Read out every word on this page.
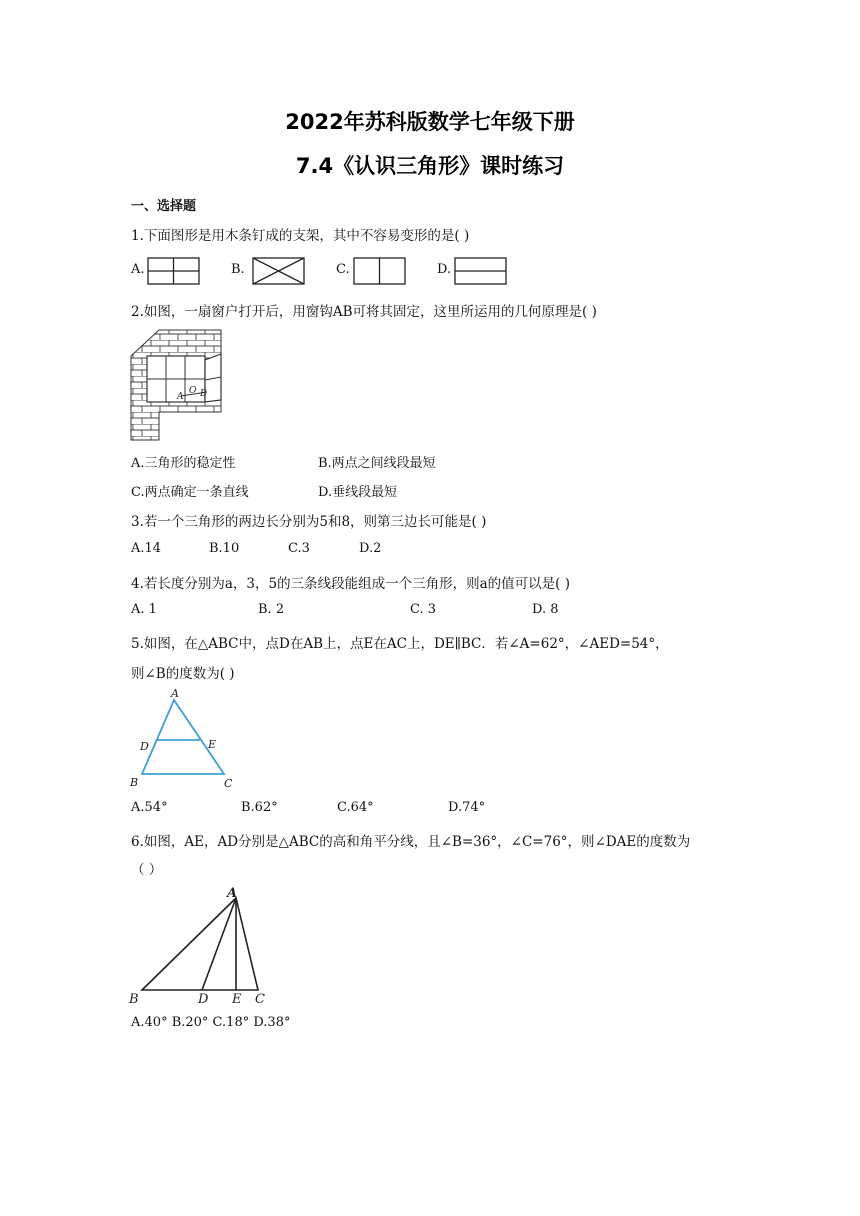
2022年苏科版数学七年级下册
7.4《认识三角形》课时练习
一、选择题
1.下面图形是用木条钉成的支架，其中不容易变形的是( )
A.	B.	C.	D.
2.如图，一扇窗户打开后，用窗钩AB可将其固定，这里所运用的几何原理是( )
A
O B
A.三角形的稳定性	B.两点之间线段最短
C.两点确定一条直线	D.垂线段最短
3.若一个三角形的两边长分别为5和8，则第三边长可能是( )
A.14	B.10	C.3	D.2
4.若长度分别为a，3，5的三条线段能组成一个三角形，则a的值可以是( )
A. 1	B. 2	C. 3	D. 8
5.如图，在△ABC中，点D在AB上，点E在AC上，DE∥BC．若∠A=62°，∠AED=54°，
则∠B的度数为( )
A
D	E
B	C
A.54°	B.62°	C.64°	D.74°
6.如图，AE，AD分别是△ABC的高和角平分线，且∠B=36°，∠C=76°，则∠DAE的度数为
（ ）
A
B	D E C
A.40° B.20° C.18° D.38°
